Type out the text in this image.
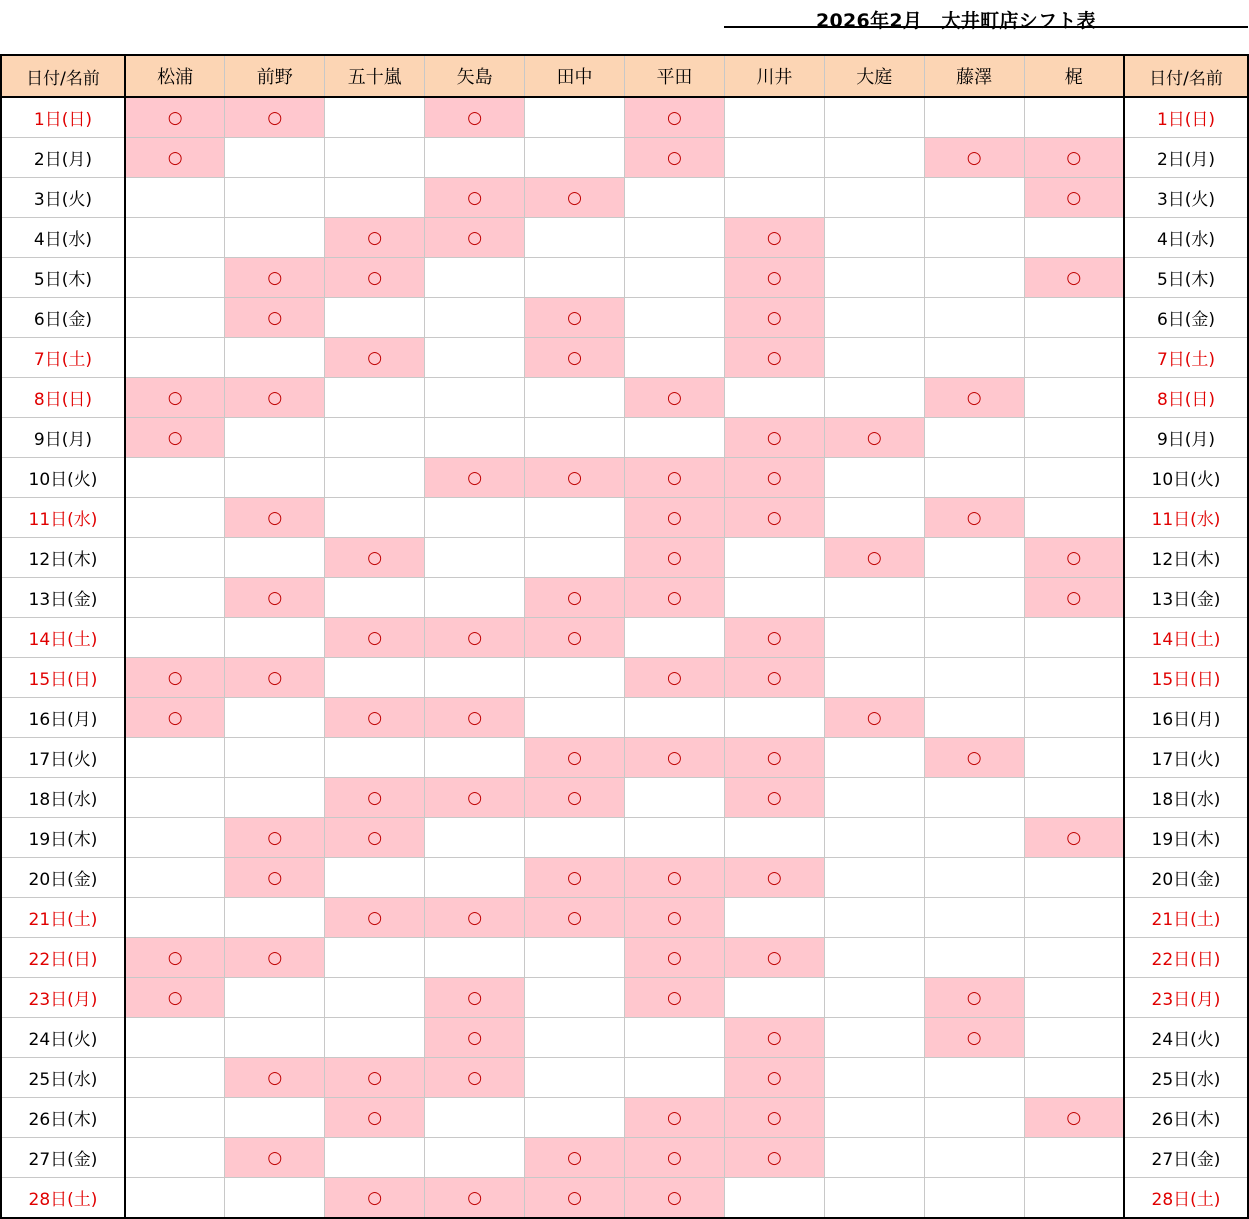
2026年2月　大井町店シフト表
日付/名前	松浦	前野	五十嵐	矢島	田中	平田	川井	大庭	藤澤	梶	日付/名前
1日(日)	○	○		○		○					1日(日)
2日(月)	○					○			○	○	2日(月)
3日(火)				○	○					○	3日(火)
4日(水)			○	○			○				4日(水)
5日(木)		○	○				○			○	5日(木)
6日(金)		○			○		○				6日(金)
7日(土)			○		○		○				7日(土)
8日(日)	○	○				○			○		8日(日)
9日(月)	○						○	○			9日(月)
10日(火)				○	○	○	○				10日(火)
11日(水)		○				○	○		○		11日(水)
12日(木)			○			○		○		○	12日(木)
13日(金)		○			○	○				○	13日(金)
14日(土)			○	○	○		○				14日(土)
15日(日)	○	○				○	○				15日(日)
16日(月)	○		○	○				○			16日(月)
17日(火)					○	○	○		○		17日(火)
18日(水)			○	○	○		○				18日(水)
19日(木)		○	○							○	19日(木)
20日(金)		○			○	○	○				20日(金)
21日(土)			○	○	○	○					21日(土)
22日(日)	○	○				○	○				22日(日)
23日(月)	○			○		○			○		23日(月)
24日(火)				○			○		○		24日(火)
25日(水)		○	○	○			○				25日(水)
26日(木)			○			○	○			○	26日(木)
27日(金)		○			○	○	○				27日(金)
28日(土)			○	○	○	○					28日(土)
